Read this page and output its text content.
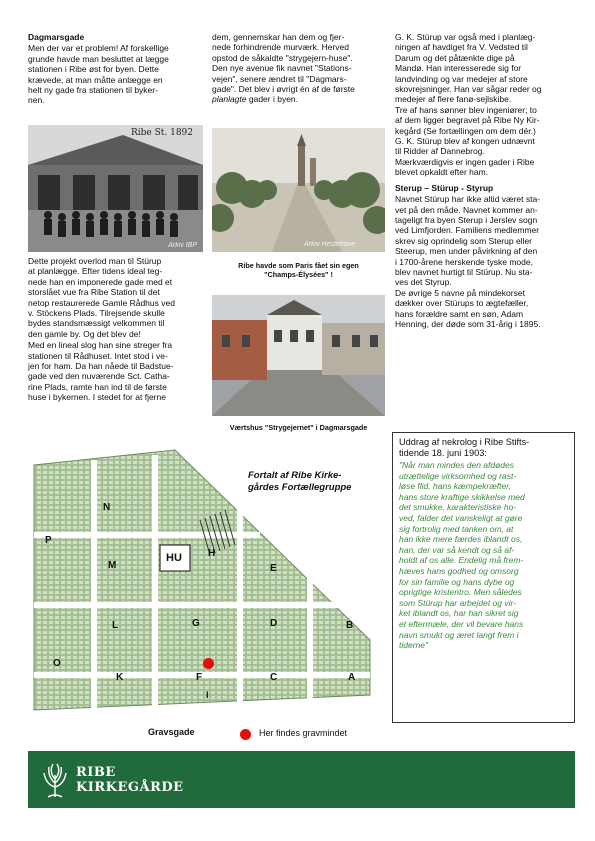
Dagmarsgade

Men der var et problem! Af forskellige
grunde havde man besluttet at lægge
stationen i Ribe øst for byen. Dette
krævede, at man måtte anlægge en
helt ny gade fra stationen til byker-
nen.

Ribe St. 1892
Arkiv IBP

Dette projekt overlod man til Stürup
at planlægge. Efter tidens ideal teg-
nede han en imponerede gade med et
storslået vue fra Ribe Station til det
netop restaurerede Gamle Rådhus ved
v. Stöckens Plads. Tilrejsende skulle
bydes standsmæssigt velkommen til
den gamle by. Og det blev de!

Med en lineal slog han sine streger fra
stationen til Rådhuset. Intet stod i ve-
jen for ham. Da han nåede til Badstue-
gade ved den nuværende Sct. Catha-
rine Plads, ramte han ind til de første
huse i bykernen. I stedet for at fjerne

dem, gennemskar han dem og fjer-
nede forhindrende murværk. Herved
opstod de såkaldte "strygejern-huse".
Den nye avenue fik navnet "Stations-
vejen", senere ændret til "Dagmars-
gade". Det blev i øvrigt én af de første planlagte gader i byen.

Arkiv Hestehave
Ribe havde som Paris fået sin egen
"Champs-Élysées" !
Værtshus "Strygejernet" i Dagmarsgade

G. K. Stürup var også med i planlæg-
ningen af havdiget fra V. Vedsted til
Darum og det påtænkte dige på
Mandø. Han interesserede sig for
landvinding og var medejer af store
skovrejsninger. Han var sågar reder og
medejer af flere fanø-sejlskibe.
Tre af hans sønner blev ingeniører; to
af dem ligger begravet på Ribe Ny Kir-
kegård (Se fortællingen om dem dér.)
G. K. Stürup blev af kongen udnævnt
til Ridder af Dannebrog.
Mærkværdigvis er ingen gader i Ribe
blevet opkaldt efter ham.

Sterup – Stürup - Styrup

Navnet Stürup har ikke altid været sta-
vet på den måde. Navnet kommer an-
tageligt fra byen Sterup i Jerslev sogn
ved Limfjorden. Familiens medlemmer
skrev sig oprindelig som Sterup eller
Steerup, men under påvirkning af den
i 1700-årene herskende tyske mode,
blev navnet hurtigt til Stürup. Nu sta-
ves det Styrup.
De øvrige 5 navne på mindekorset
dækker over Stürups to ægtefæller,
hans forældre samt en søn, Adam
Henning, der døde som 31-årig i 1895.

Uddrag af nekrolog i Ribe Stifts-
tidende 18. juni 1903:

"Når man mindes den afdødes
utrættelige virksomhed og rast-
løse flid, hans kæmpekræfter,
hans store kraftige skikkelse med
det smukke, karakteristiske ho-
ved, falder det vanskeligt at gøre
sig fortrolig med tanken om, at
han ikke mere færdes iblandt os,
han, der var så kendt og så af-
holdt af os alle. Endelig må frem-
hæves hans godhed og omsorg
for sin familie og hans dybe og
oprigtige kristentro. Men således
som Stürup har arbejdet og vir-
ket iblandt os, har han sikret sig
et eftermæle, der vil bevare hans
navn smukt og æret langt frem i
tiderne"

Fortalt af Ribe Kirke-
gårdes Fortællegruppe
N
P
HU	H
M	E
L	G	D	B
O
K	F	C	A
I
Gravsgade	Her findes gravmindet
RIBE
KIRKEGÅRDE
